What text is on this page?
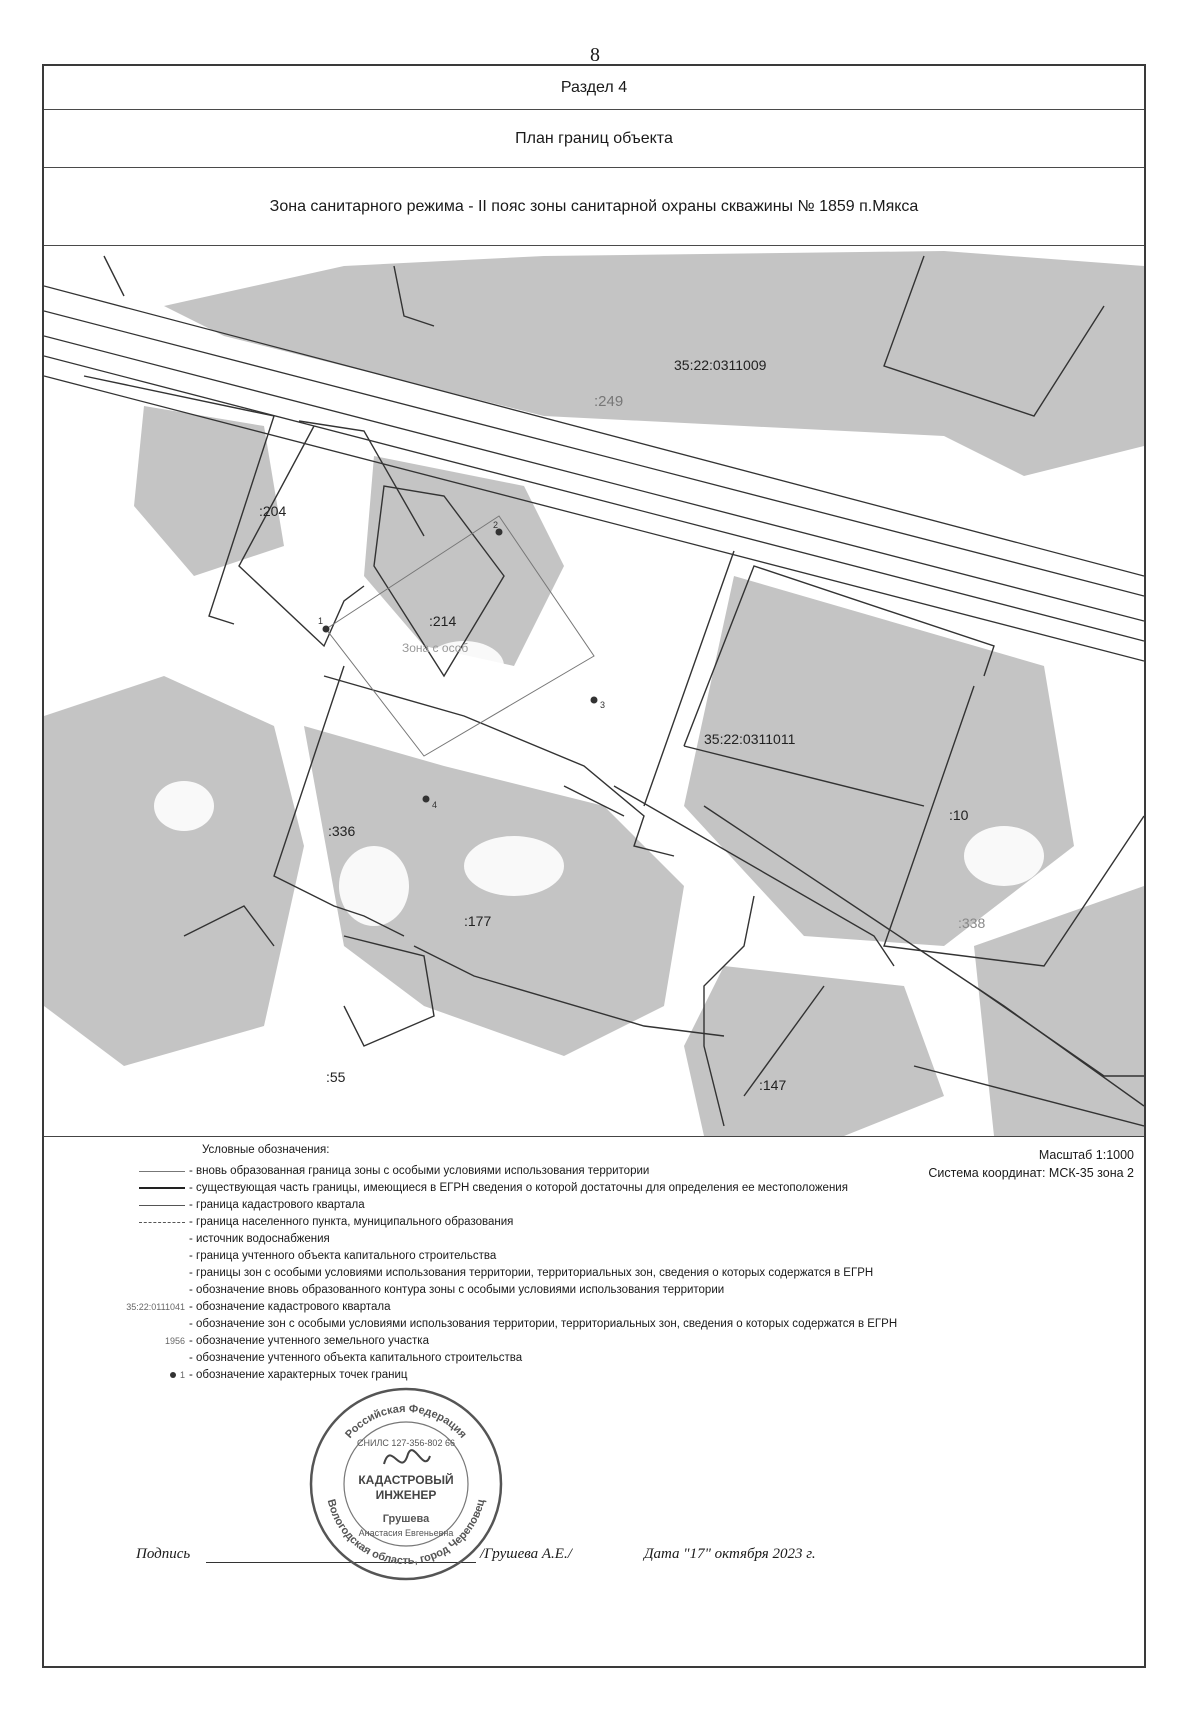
8
Раздел 4
План границ объекта
Зона санитарного режима - II пояс зоны санитарной охраны скважины № 1859 п.Мякса
35:22:0311009
35:22:0311011
:249
:204
:214
:336
:177
:55	:147
:10
:338
Зона с особ
1
2
3
4
Условные обозначения:	Масштаб 1:1000
Система координат: МСК-35 зона 2
- вновь образованная граница зоны с особыми условиями использования территории
- существующая часть границы, имеющиеся в ЕГРН сведения о которой достаточны для определения ее местоположения
- граница кадастрового квартала
- граница населенного пункта, муниципального образования
- источник водоснабжения
- граница учтенного объекта капитального строительства
- границы зон с особыми условиями использования территории, территориальных зон, сведения о которых содержатся в ЕГРН
- обозначение вновь образованного контура зоны с особыми условиями использования территории
35:22:0111041 - обозначение кадастрового квартала
- обозначение зон с особыми условиями использования территории, территориальных зон, сведения о которых содержатся в ЕГРН
1956 - обозначение учтенного земельного участка
- обозначение учтенного объекта капитального строительства
1 - обозначение характерных точек границ
Подпись	/Грушева А.Е./	Дата "17" октября 2023 г.
Российская Федерация
Вологодская область, город Череповец
СНИЛС 127-356-802 66
КАДАСТРОВЫЙ
ИНЖЕНЕР
Грушева
Анастасия Евгеньевна
